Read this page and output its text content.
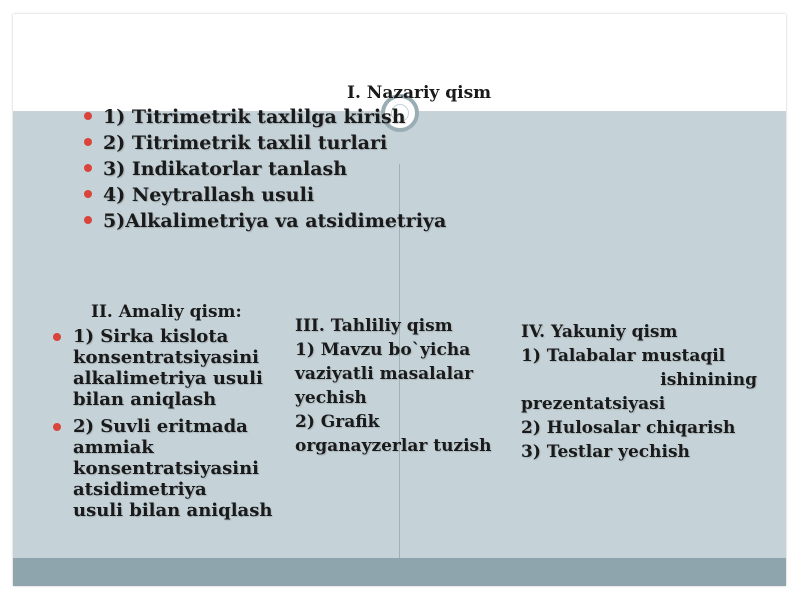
I. Nazariy qism
1) Titrimetrik taxlilga kirish
2) Titrimetrik taxlil turlari
3) Indikatorlar tanlash
4) Neytrallash usuli
5)Alkalimetriya va atsidimetriya
II. Amaliy qism:
1) Sirka kislota
konsentratsiyasini
alkalimetriya usuli
bilan aniqlash
2) Suvli eritmada
ammiak
konsentratsiyasini
atsidimetriya
usuli bilan aniqlash
III. Tahliliy qism
1) Mavzu bo`yicha
vaziyatli masalalar
yechish
2) Grafik
organayzerlar tuzish
IV. Yakuniy qism
1) Talabalar mustaqil
ishinining
prezentatsiyasi
2) Hulosalar chiqarish
3) Testlar yechish
